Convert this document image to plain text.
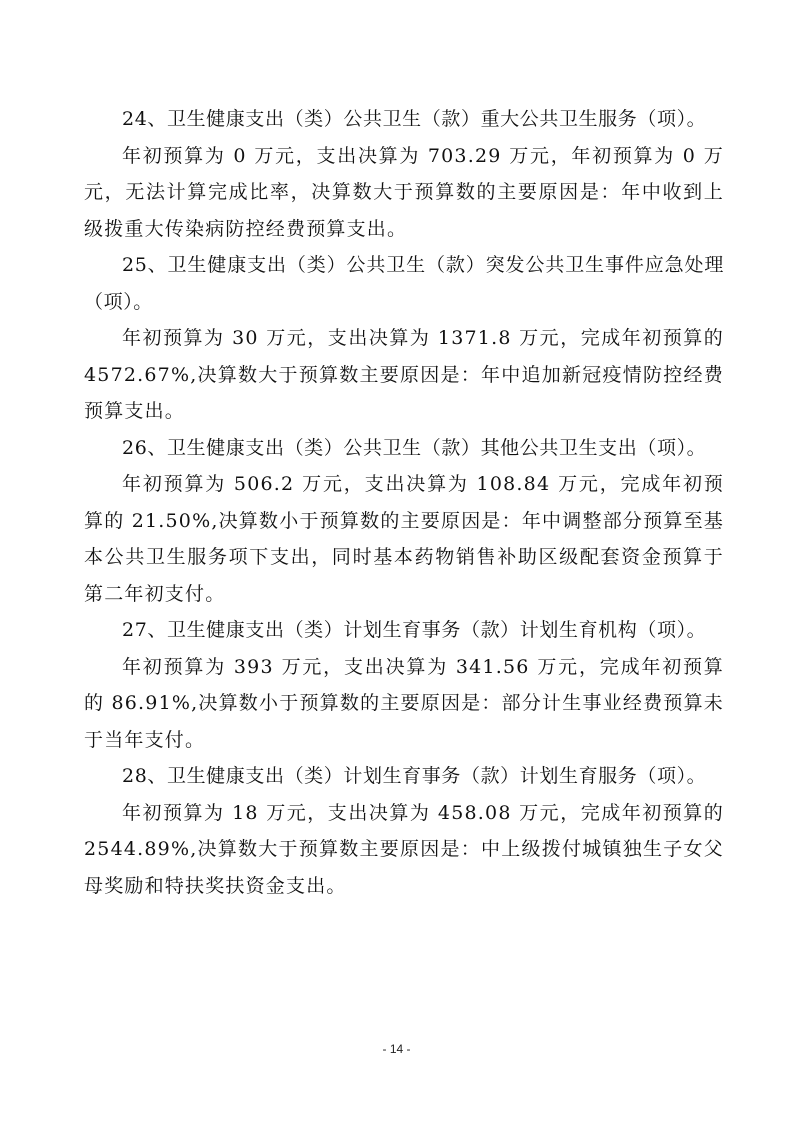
24、卫生健康支出（类）公共卫生（款）重大公共卫生服务（项）。

年初预算为 0 万元，支出决算为 703.29 万元，年初预算为 0 万元，无法计算完成比率，决算数大于预算数的主要原因是：年中收到上级拨重大传染病防控经费预算支出。

25、卫生健康支出（类）公共卫生（款）突发公共卫生事件应急处理（项）。

年初预算为 30 万元，支出决算为 1371.8 万元，完成年初预算的 4572.67%,决算数大于预算数主要原因是：年中追加新冠疫情防控经费预算支出。

26、卫生健康支出（类）公共卫生（款）其他公共卫生支出（项）。

年初预算为 506.2 万元，支出决算为 108.84 万元，完成年初预算的 21.50%,决算数小于预算数的主要原因是：年中调整部分预算至基本公共卫生服务项下支出，同时基本药物销售补助区级配套资金预算于第二年初支付。

27、卫生健康支出（类）计划生育事务（款）计划生育机构（项）。

年初预算为 393 万元，支出决算为 341.56 万元，完成年初预算的 86.91%,决算数小于预算数的主要原因是：部分计生事业经费预算未于当年支付。

28、卫生健康支出（类）计划生育事务（款）计划生育服务（项）。

年初预算为 18 万元，支出决算为 458.08 万元，完成年初预算的 2544.89%,决算数大于预算数主要原因是：中上级拨付城镇独生子女父母奖励和特扶奖扶资金支出。

- 14 -
